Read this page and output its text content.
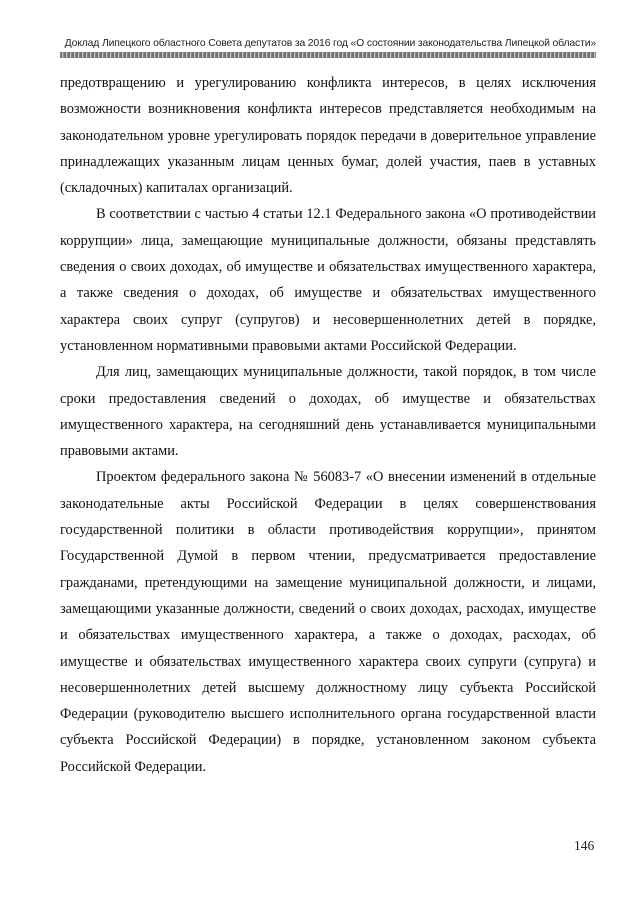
Доклад Липецкого областного Совета депутатов за 2016 год «О состоянии законодательства Липецкой области»

предотвращению и урегулированию конфликта интересов, в целях исключения возможности возникновения конфликта интересов представляется необходимым на законодательном уровне урегулировать порядок передачи в доверительное управление принадлежащих указанным лицам ценных бумаг, долей участия, паев в уставных (складочных) капиталах организаций.

В соответствии с частью 4 статьи 12.1 Федерального закона «О противодействии коррупции» лица, замещающие муниципальные должности, обязаны представлять сведения о своих доходах, об имуществе и обязательствах имущественного характера, а также сведения о доходах, об имуществе и обязательствах имущественного характера своих супруг (супругов) и несовершеннолетних детей в порядке, установленном нормативными правовыми актами Российской Федерации.

Для лиц, замещающих муниципальные должности, такой порядок, в том числе сроки предоставления сведений о доходах, об имуществе и обязательствах имущественного характера, на сегодняшний день устанавливается муниципальными правовыми актами.

Проектом федерального закона № 56083-7 «О внесении изменений в отдельные законодательные акты Российской Федерации в целях совершенствования государственной политики в области противодействия коррупции», принятом Государственной Думой в первом чтении, предусматривается предоставление гражданами, претендующими на замещение муниципальной должности, и лицами, замещающими указанные должности, сведений о своих доходах, расходах, имуществе и обязательствах имущественного характера, а также о доходах, расходах, об имуществе и обязательствах имущественного характера своих супруги (супруга) и несовершеннолетних детей высшему должностному лицу субъекта Российской Федерации (руководителю высшего исполнительного органа государственной власти субъекта Российской Федерации) в порядке, установленном законом субъекта Российской Федерации.

146
